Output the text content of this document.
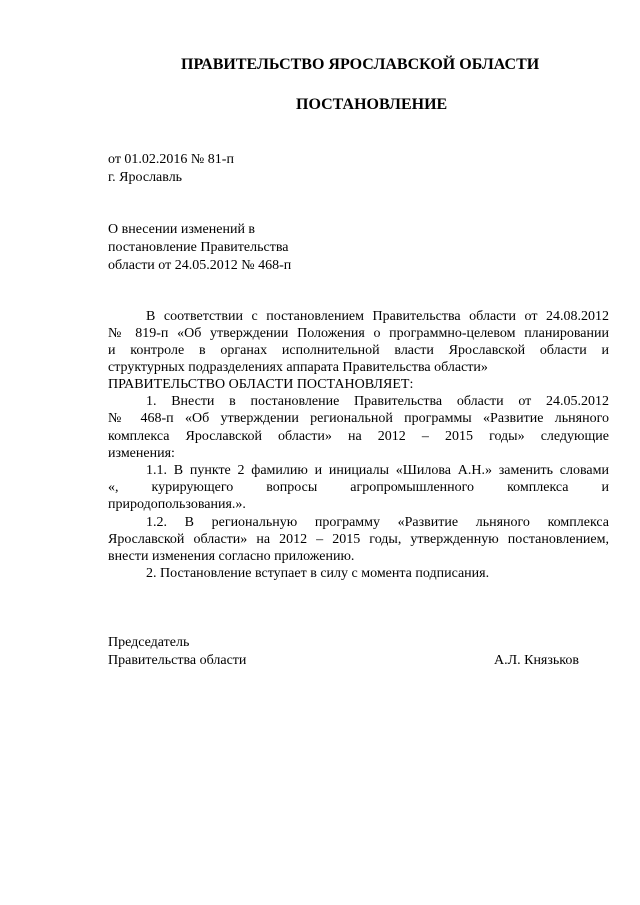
ПРАВИТЕЛЬСТВО ЯРОСЛАВСКОЙ ОБЛАСТИ
ПОСТАНОВЛЕНИЕ
от 01.02.2016 № 81-п
г. Ярославль
О внесении изменений в
постановление Правительства
области от 24.05.2012 № 468-п
В соответствии с постановлением Правительства области от 24.08.2012
№ 819-п «Об утверждении Положения о программно-целевом планировании
и контроле в органах исполнительной власти Ярославской области и
структурных подразделениях аппарата Правительства области»
ПРАВИТЕЛЬСТВО ОБЛАСТИ ПОСТАНОВЛЯЕТ:
1. Внести в постановление Правительства области от 24.05.2012
№ 468-п «Об утверждении региональной программы «Развитие льняного
комплекса Ярославской области» на 2012 – 2015 годы» следующие
изменения:
1.1. В пункте 2 фамилию и инициалы «Шилова А.Н.» заменить словами
«, курирующего вопросы агропромышленного комплекса и
природопользования.».
1.2. В региональную программу «Развитие льняного комплекса
Ярославской области» на 2012 – 2015 годы, утвержденную постановлением,
внести изменения согласно приложению.
2. Постановление вступает в силу с момента подписания.
Председатель
Правительства области	А.Л. Князьков
